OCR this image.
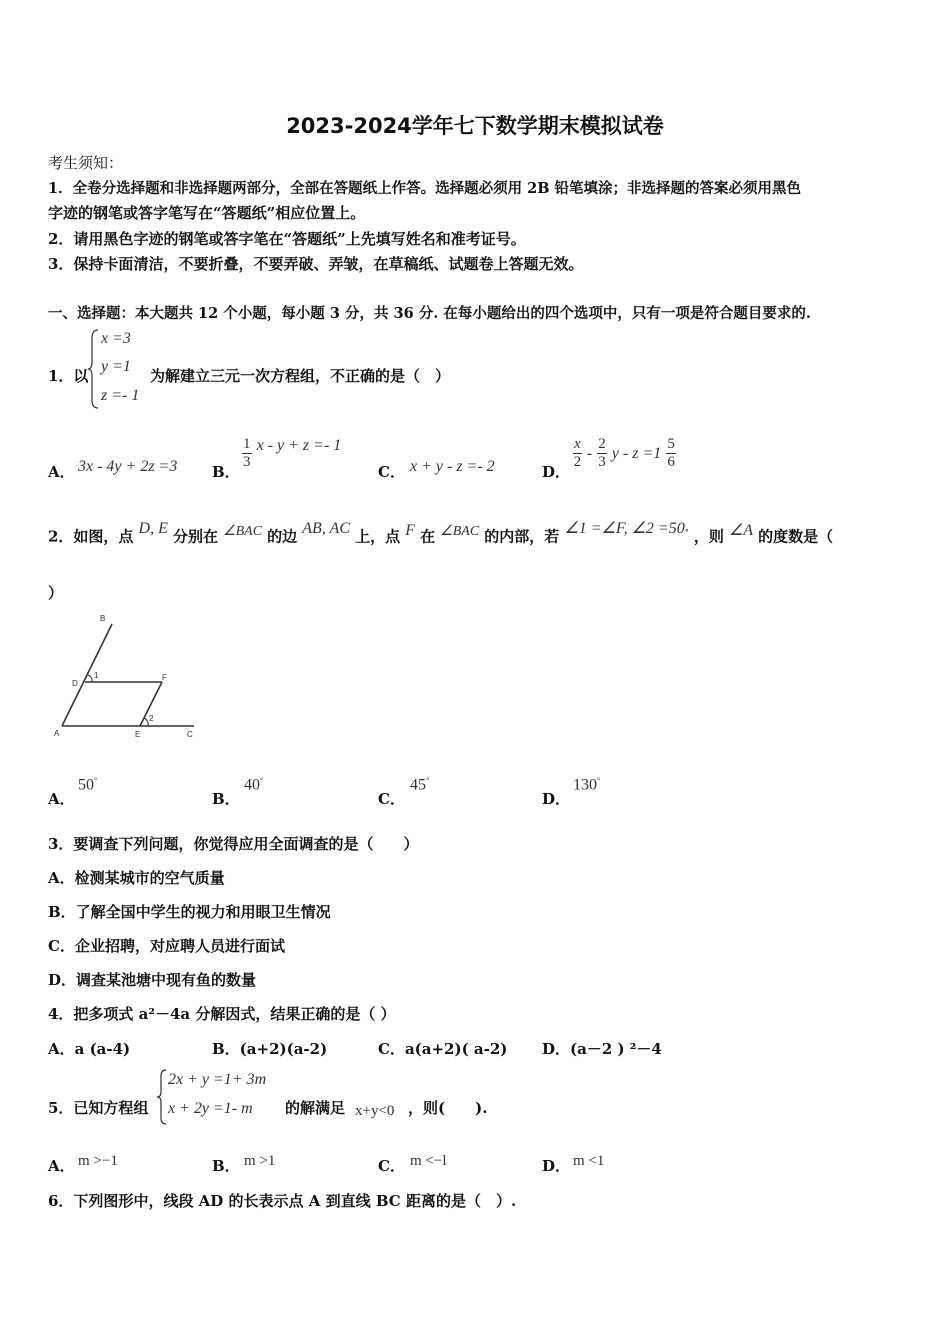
2023-2024学年七下数学期末模拟试卷
考生须知：
1．全卷分选择题和非选择题两部分，全部在答题纸上作答。选择题必须用 2B 铅笔填涂；非选择题的答案必须用黑色
字迹的钢笔或答字笔写在“答题纸”相应位置上。
2．请用黑色字迹的钢笔或答字笔在“答题纸”上先填写姓名和准考证号。
3．保持卡面清洁，不要折叠，不要弄破、弄皱，在草稿纸、试题卷上答题无效。
一、选择题：本大题共 12 个小题，每小题 3 分，共 36 分. 在每小题给出的四个选项中，只有一项是符合题目要求的.
1．以
x =3
y =1
z =- 1
为解建立三元一次方程组，不正确的是（　）
A． 3x - 4y + 2z =3 B．
$\frac{1}{3}$ x - y + z =- 1
C． x + y - z =- 2	D．
$\frac{x}{2} - \frac{2}{3}$ $y - z =1 \frac{5}{6}$
2．如图，点 D, E 分别在 ∠BAC 的边 AB, AC 上，点 F 在 ∠BAC 的内部，若 ∠1 =∠F, ∠2 =50° ，则 ∠A 的度数是（
）
B
D
1	F
2
A	E	C
A．
50°
B．
40°
C．
45°
D．
130°
3．要调查下列问题，你觉得应用全面调查的是（　　）
A．检测某城市的空气质量
B．了解全国中学生的视力和用眼卫生情况
C．企业招聘，对应聘人员进行面试
D．调查某池塘中现有鱼的数量
4．把多项式 a²－4a 分解因式，结果正确的是（ ）
A．a (a-4)	B．(a+2)(a-2)	C．a(a+2)( a-2) D．(a－2 ) ²－4
5．已知方程组
2x + y =1+ 3m
x + 2y =1- m 的解满足 x+y<0 ，则(　　).
A． m >−1	B． m >1	C． m <−l	D． m <1
6．下列图形中，线段 AD 的长表示点 A 到直线 BC 距离的是（　）.
